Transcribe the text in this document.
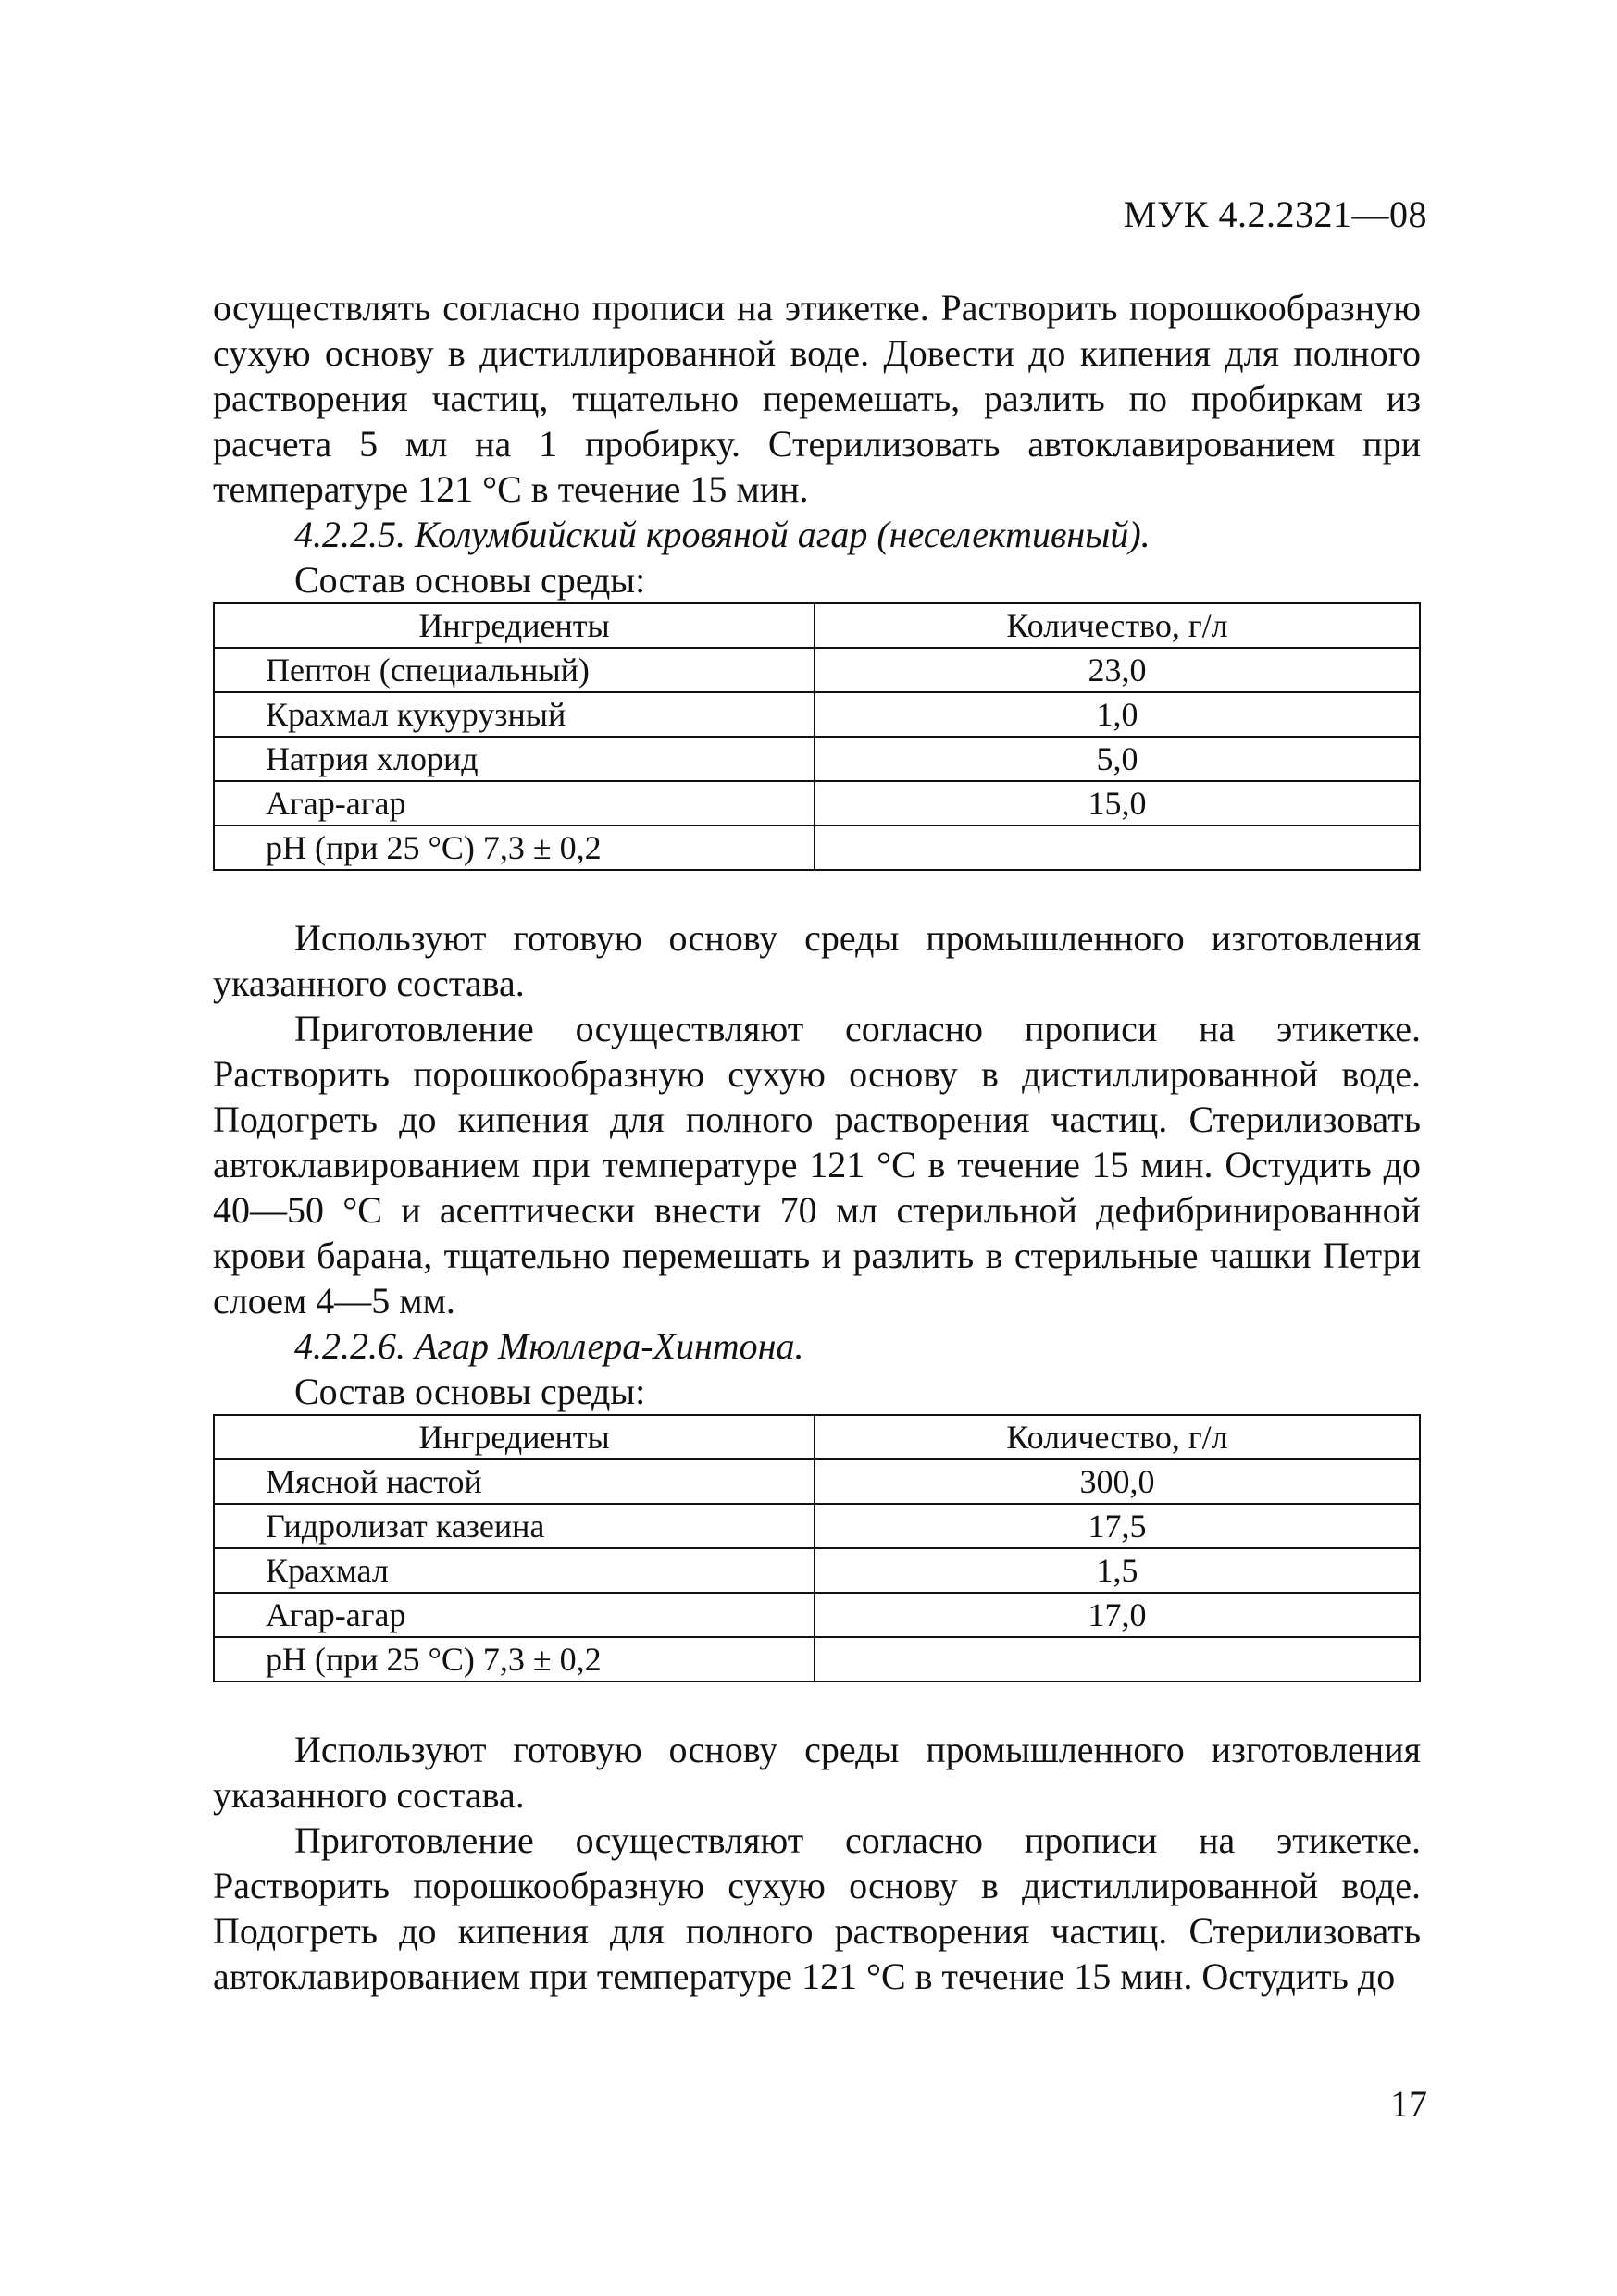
МУК 4.2.2321—08

осуществлять согласно прописи на этикетке. Растворить порошкообразную сухую основу в дистиллированной воде. Довести до кипения для полного растворения частиц, тщательно перемешать, разлить по пробиркам из расчета 5 мл на 1 пробирку. Стерилизовать автоклавированием при температуре 121 °С в течение 15 мин.

4.2.2.5. Колумбийский кровяной агар (неселективный).

Состав основы среды:

Ингредиенты	Количество, г/л
Пептон (специальный)	23,0
Крахмал кукурузный	1,0
Натрия хлорид	5,0
Агар-агар	15,0
pH (при 25 °С) 7,3 ± 0,2	

Используют готовую основу среды промышленного изготовления указанного состава.

Приготовление осуществляют согласно прописи на этикетке. Растворить порошкообразную сухую основу в дистиллированной воде. Подогреть до кипения для полного растворения частиц. Стерилизовать автоклавированием при температуре 121 °С в течение 15 мин. Остудить до 40—50 °С и асептически внести 70 мл стерильной дефибринированной крови барана, тщательно перемешать и разлить в стерильные чашки Петри слоем 4—5 мм.

4.2.2.6. Агар Мюллера-Хинтона.

Состав основы среды:

Ингредиенты	Количество, г/л
Мясной настой	300,0
Гидролизат казеина	17,5
Крахмал	1,5
Агар-агар	17,0
pH (при 25 °С) 7,3 ± 0,2	

Используют готовую основу среды промышленного изготовления указанного состава.

Приготовление осуществляют согласно прописи на этикетке. Растворить порошкообразную сухую основу в дистиллированной воде. Подогреть до кипения для полного растворения частиц. Стерилизовать автоклавированием при температуре 121 °С в течение 15 мин. Остудить до

17
